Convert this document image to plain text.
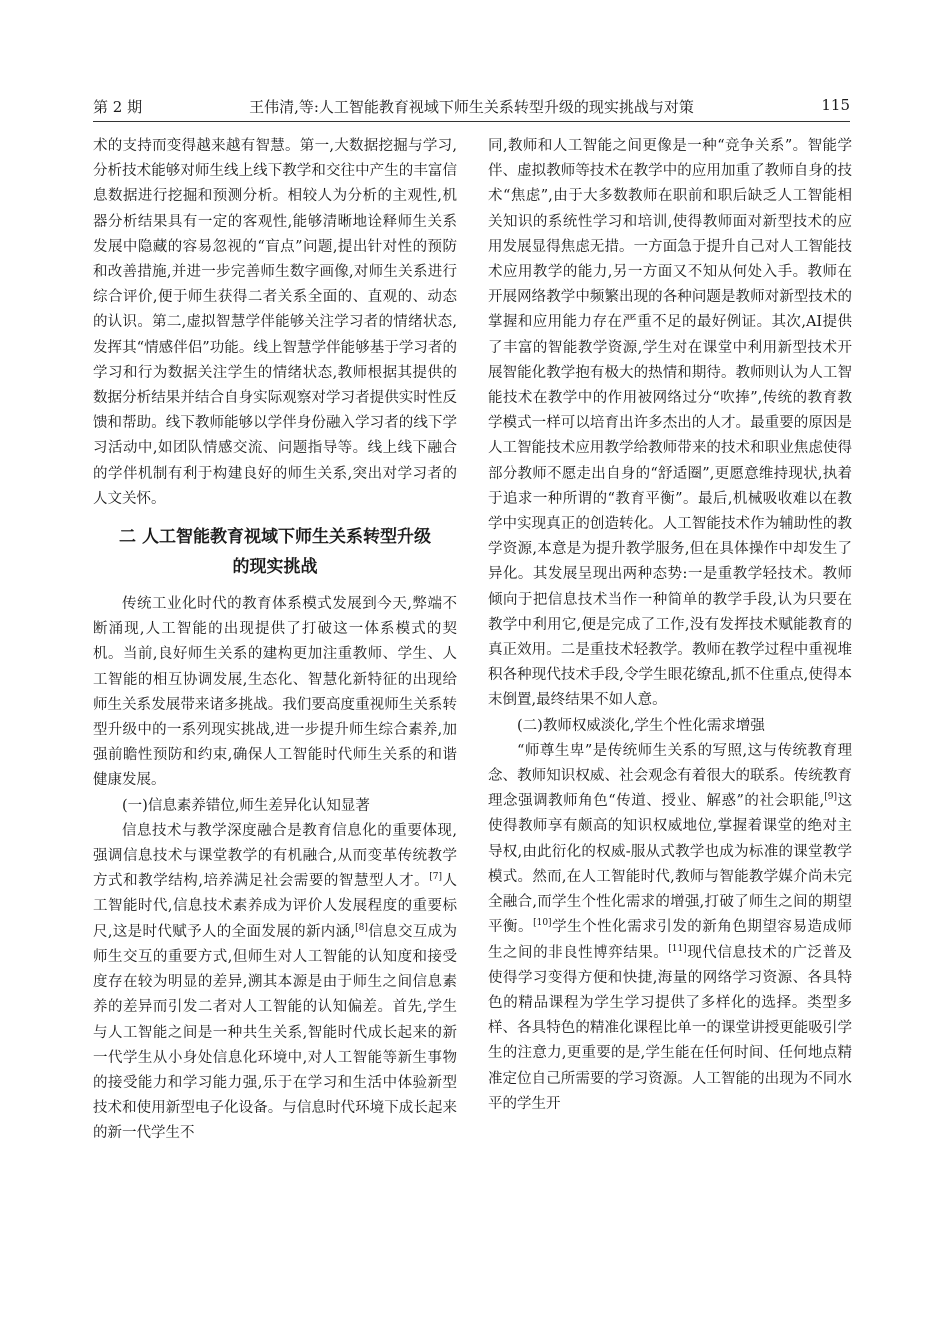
第 2 期	王伟清,等:人工智能教育视域下师生关系转型升级的现实挑战与对策	115

术的支持而变得越来越有智慧。第一,大数据挖掘与学习,分析技术能够对师生线上线下教学和交往中产生的丰富信息数据进行挖掘和预测分析。相较人为分析的主观性,机器分析结果具有一定的客观性,能够清晰地诠释师生关系发展中隐藏的容易忽视的“盲点”问题,提出针对性的预防和改善措施,并进一步完善师生数字画像,对师生关系进行综合评价,便于师生获得二者关系全面的、直观的、动态的认识。第二,虚拟智慧学伴能够关注学习者的情绪状态,发挥其“情感伴侣”功能。线上智慧学伴能够基于学习者的学习和行为数据关注学生的情绪状态,教师根据其提供的数据分析结果并结合自身实际观察对学习者提供实时性反馈和帮助。线下教师能够以学伴身份融入学习者的线下学习活动中,如团队情感交流、问题指导等。线上线下融合的学伴机制有利于构建良好的师生关系,突出对学习者的人文关怀。

二 人工智能教育视域下师生关系转型升级
的现实挑战

传统工业化时代的教育体系模式发展到今天,弊端不断涌现,人工智能的出现提供了打破这一体系模式的契机。当前,良好师生关系的建构更加注重教师、学生、人工智能的相互协调发展,生态化、智慧化新特征的出现给师生关系发展带来诸多挑战。我们要高度重视师生关系转型升级中的一系列现实挑战,进一步提升师生综合素养,加强前瞻性预防和约束,确保人工智能时代师生关系的和谐健康发展。

(一)信息素养错位,师生差异化认知显著

信息技术与教学深度融合是教育信息化的重要体现,强调信息技术与课堂教学的有机融合,从而变革传统教学方式和教学结构,培养满足社会需要的智慧型人才。[7]人工智能时代,信息技术素养成为评价人发展程度的重要标尺,这是时代赋予人的全面发展的新内涵,[8]信息交互成为师生交互的重要方式,但师生对人工智能的认知度和接受度存在较为明显的差异,溯其本源是由于师生之间信息素养的差异而引发二者对人工智能的认知偏差。首先,学生与人工智能之间是一种共生关系,智能时代成长起来的新一代学生从小身处信息化环境中,对人工智能等新生事物的接受能力和学习能力强,乐于在学习和生活中体验新型技术和使用新型电子化设备。与信息时代环境下成长起来的新一代学生不

同,教师和人工智能之间更像是一种“竞争关系”。智能学伴、虚拟教师等技术在教学中的应用加重了教师自身的技术“焦虑”,由于大多数教师在职前和职后缺乏人工智能相关知识的系统性学习和培训,使得教师面对新型技术的应用发展显得焦虑无措。一方面急于提升自己对人工智能技术应用教学的能力,另一方面又不知从何处入手。教师在开展网络教学中频繁出现的各种问题是教师对新型技术的掌握和应用能力存在严重不足的最好例证。其次,AI提供了丰富的智能教学资源,学生对在课堂中利用新型技术开展智能化教学抱有极大的热情和期待。教师则认为人工智能技术在教学中的作用被网络过分“吹捧”,传统的教育教学模式一样可以培育出许多杰出的人才。最重要的原因是人工智能技术应用教学给教师带来的技术和职业焦虑使得部分教师不愿走出自身的“舒适圈”,更愿意维持现状,执着于追求一种所谓的“教育平衡”。最后,机械吸收难以在教学中实现真正的创造转化。人工智能技术作为辅助性的教学资源,本意是为提升教学服务,但在具体操作中却发生了异化。其发展呈现出两种态势:一是重教学轻技术。教师倾向于把信息技术当作一种简单的教学手段,认为只要在教学中利用它,便是完成了工作,没有发挥技术赋能教育的真正效用。二是重技术轻教学。教师在教学过程中重视堆积各种现代技术手段,令学生眼花缭乱,抓不住重点,使得本末倒置,最终结果不如人意。

(二)教师权威淡化,学生个性化需求增强

“师尊生卑”是传统师生关系的写照,这与传统教育理念、教师知识权威、社会观念有着很大的联系。传统教育理念强调教师角色“传道、授业、解惑”的社会职能,[9]这使得教师享有颇高的知识权威地位,掌握着课堂的绝对主导权,由此衍化的权威-服从式教学也成为标准的课堂教学模式。然而,在人工智能时代,教师与智能教学媒介尚未完全融合,而学生个性化需求的增强,打破了师生之间的期望平衡。[10]学生个性化需求引发的新角色期望容易造成师生之间的非良性博弈结果。[11]现代信息技术的广泛普及使得学习变得方便和快捷,海量的网络学习资源、各具特色的精品课程为学生学习提供了多样化的选择。类型多样、各具特色的精准化课程比单一的课堂讲授更能吸引学生的注意力,更重要的是,学生能在任何时间、任何地点精准定位自己所需要的学习资源。人工智能的出现为不同水平的学生开
